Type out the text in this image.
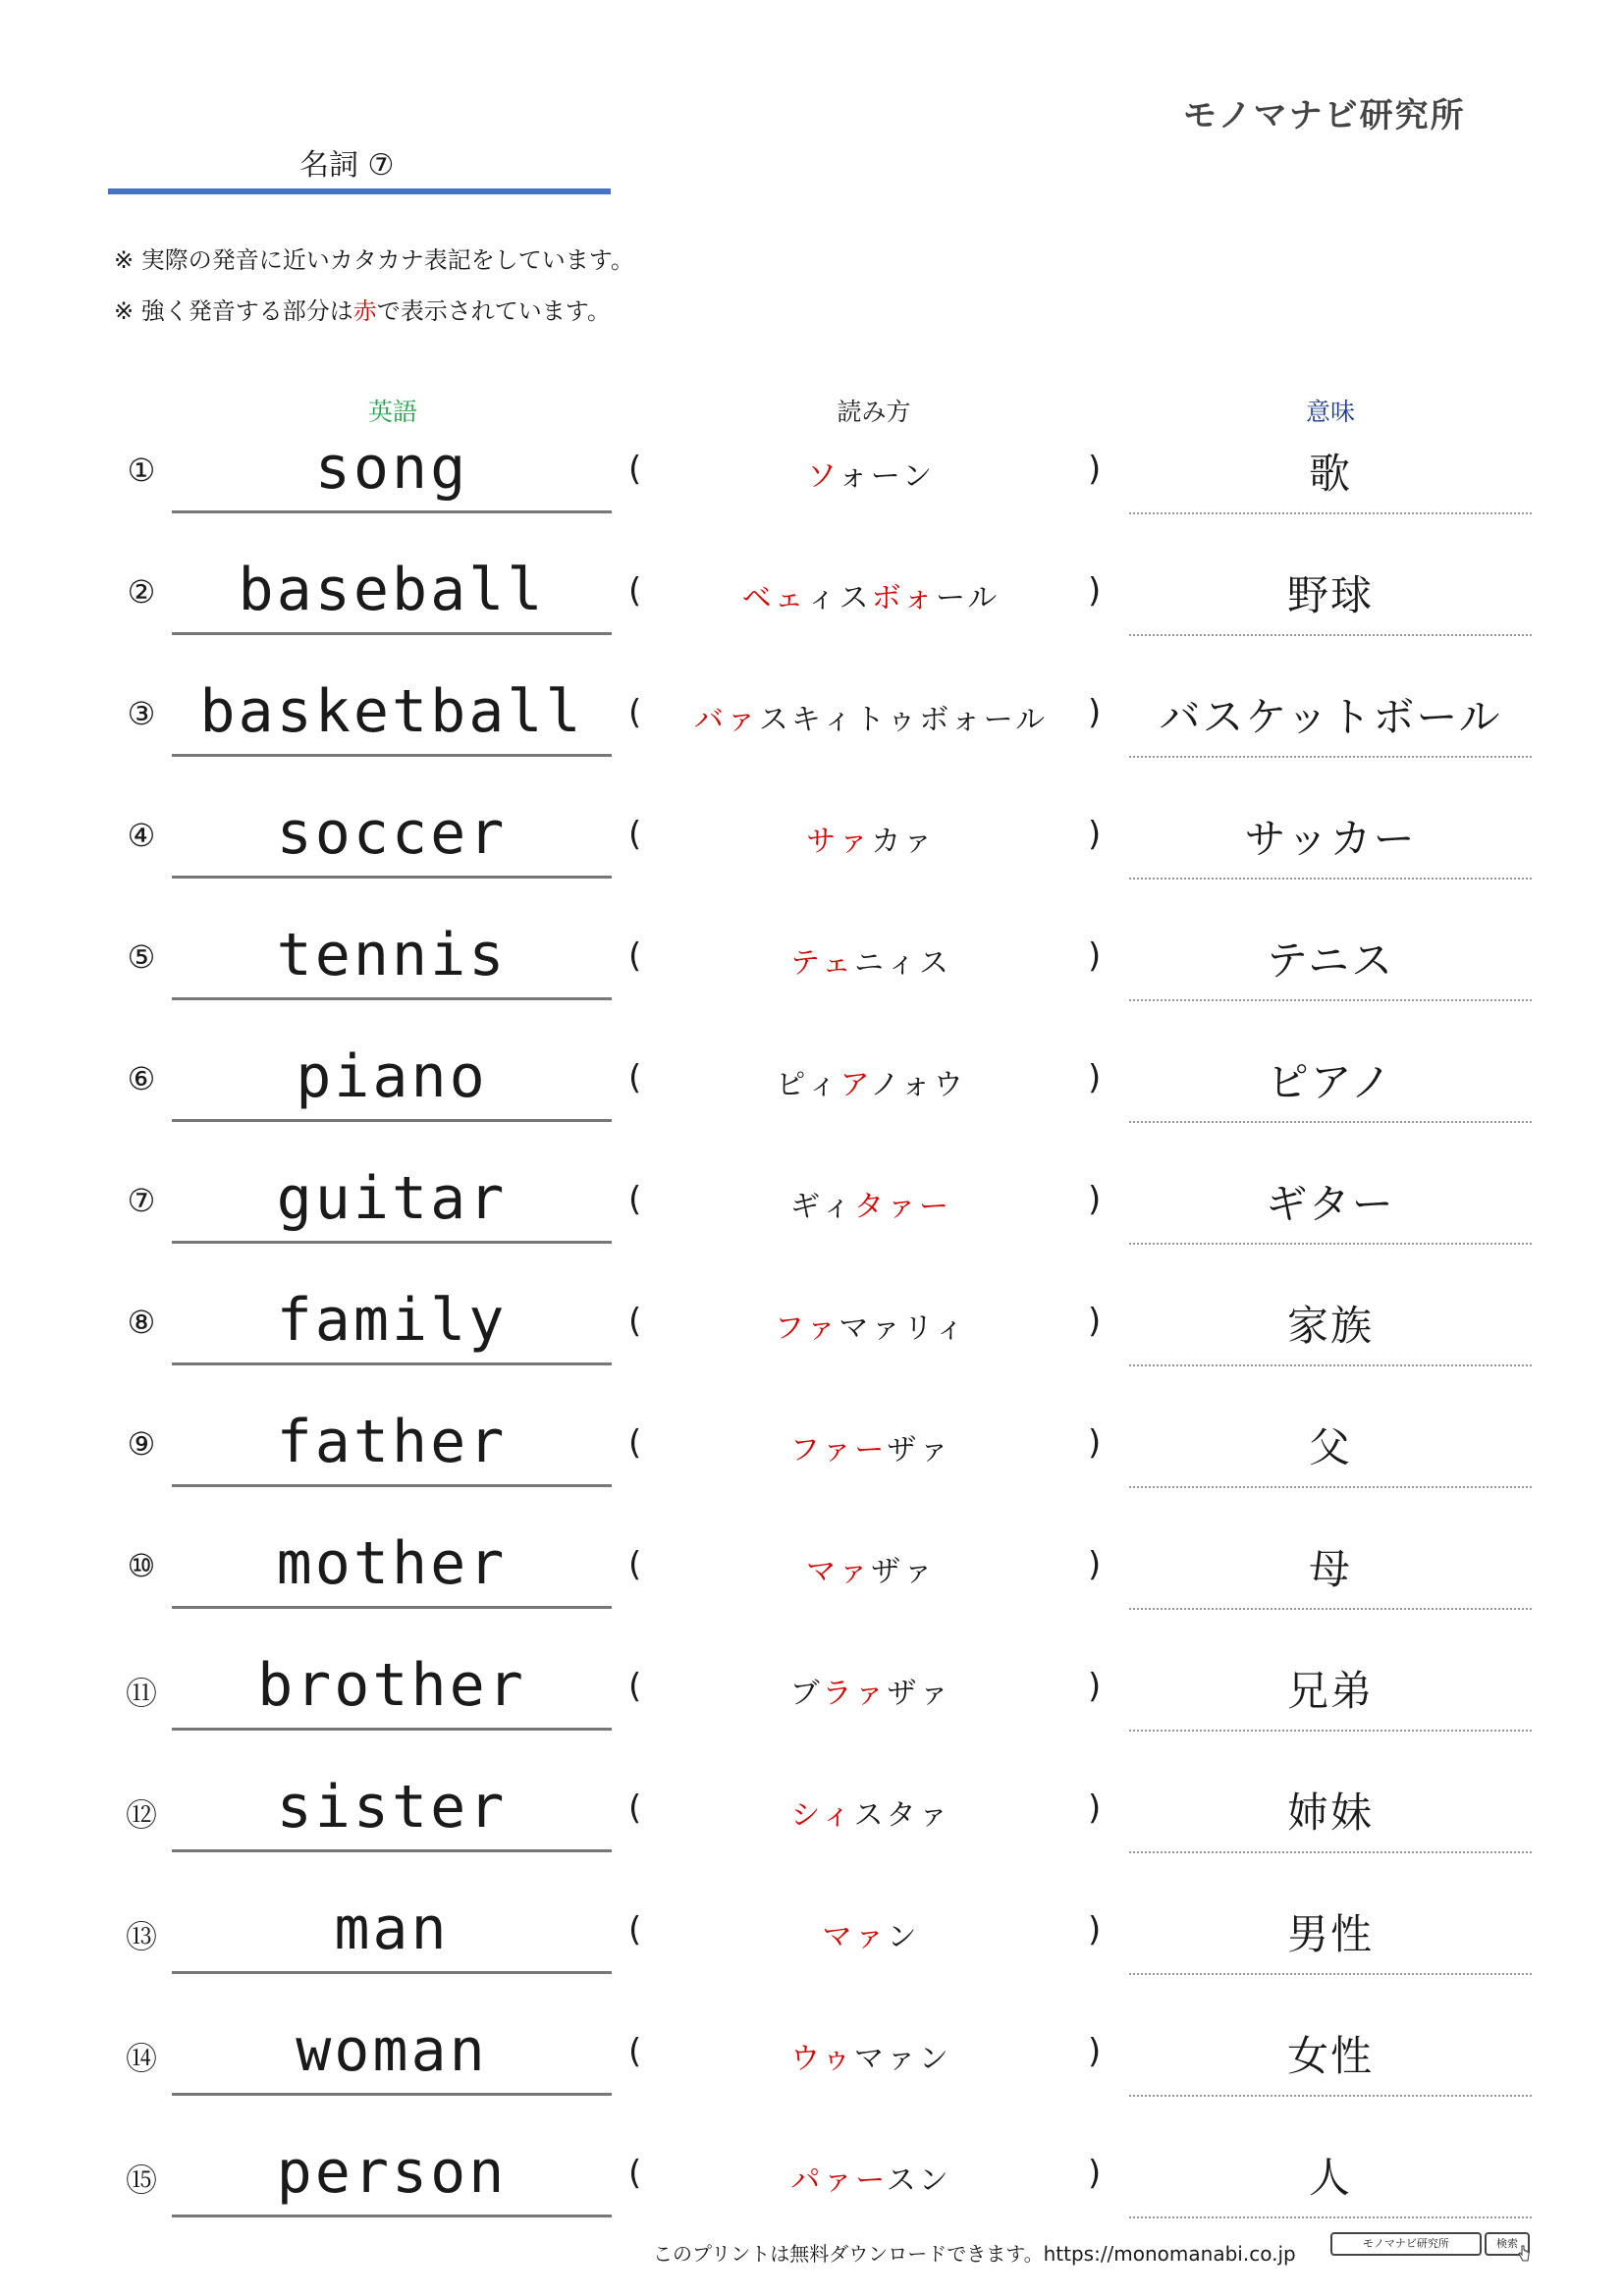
モノマナビ研究所
名詞 ⑦
※ 実際の発音に近いカタカナ表記をしています。
※ 強く発音する部分は赤で表示されています。
英語	読み方	意味
①	song	(	ソォーン	)	歌
②	baseball	(	ベェィスボォール	)	野球
③ basketball	(	バァスキィトゥボォール	)	バスケットボール
④	soccer	(	サァカァ	)	サッカー
⑤	tennis	(	テェニィス	)	テニス
⑥	piano	(	ピィアノォウ	)	ピアノ
⑦	guitar	(	ギィタァー	)	ギター
⑧	family	(	ファマァリィ	)	家族
⑨	father	(	ファーザァ	)	父
⑩	mother	(	マァザァ	)	母
⑪	brother	(	ブラァザァ	)	兄弟
⑫	sister	(	シィスタァ	)	姉妹
⑬	man	(	マァン	)	男性
⑭	woman	(	ウゥマァン	)	女性
⑮	person	(	パァースン	)	人
このプリントは無料ダウンロードできます。https://monomanabi.co.jp	モノマナビ研究所	検索
